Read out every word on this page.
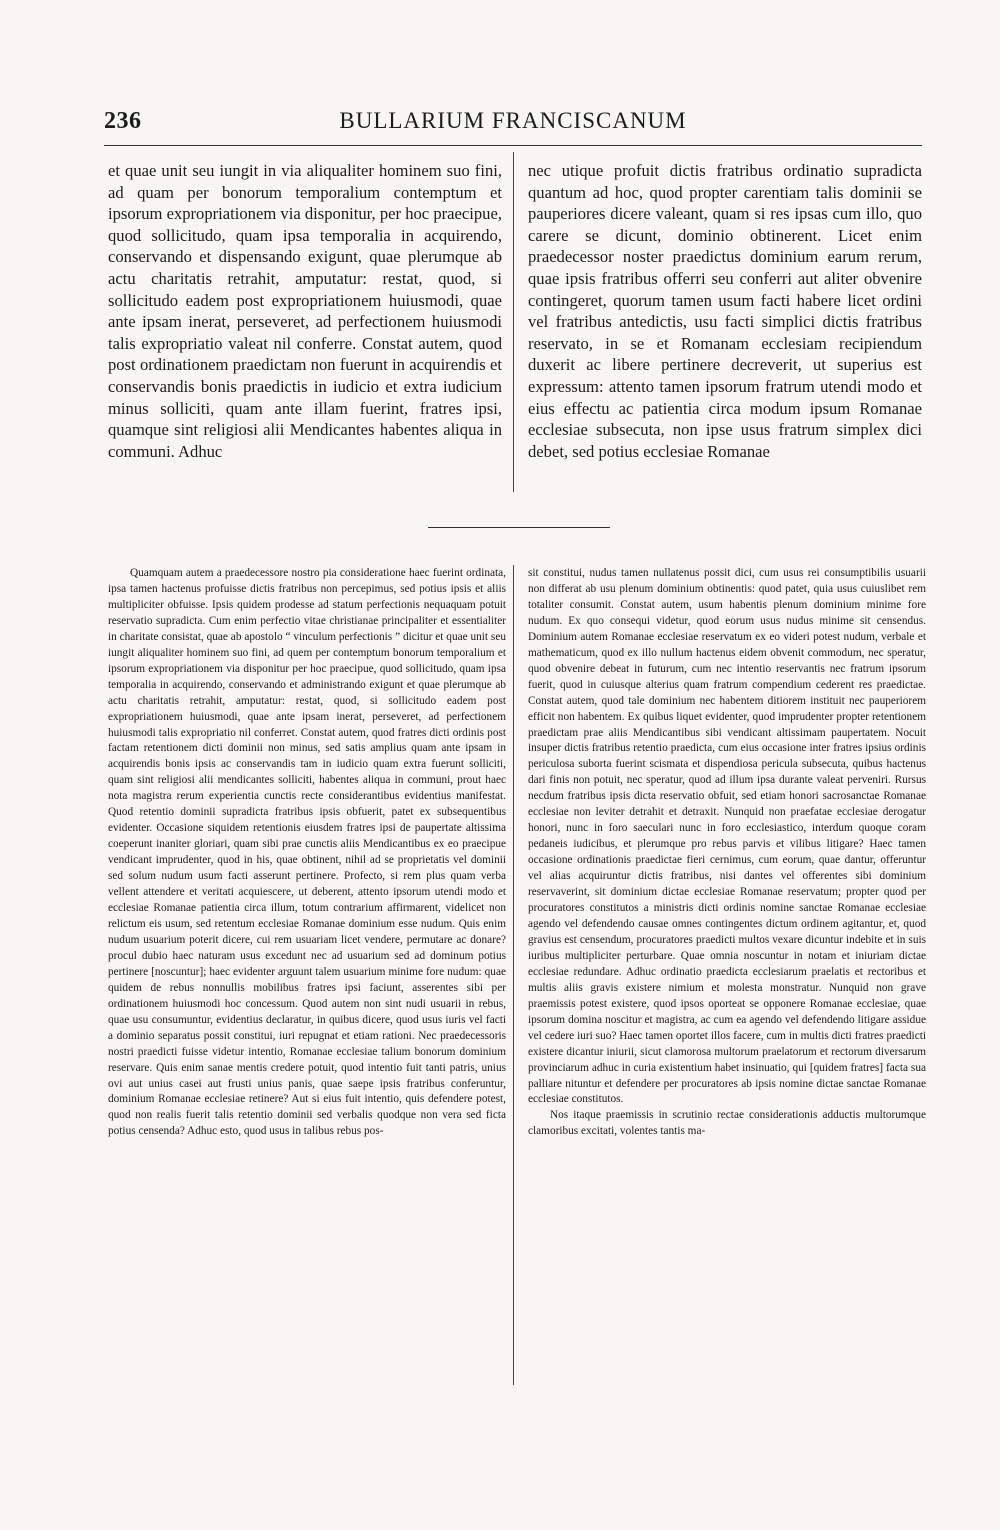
236	BULLARIUM FRANCISCANUM

et quae unit seu iungit in via aliqualiter hominem suo fini, ad quam per bonorum temporalium contemptum et ipsorum expropriationem via disponitur, per hoc praecipue, quod sollicitudo, quam ipsa temporalia in acquirendo, conservando et dispensando exigunt, quae plerumque ab actu charitatis retrahit, amputatur: restat, quod, si sollicitudo eadem post expropriationem huiusmodi, quae ante ipsam inerat, perseveret, ad perfectionem huiusmodi talis expropriatio valeat nil conferre. Constat autem, quod post ordinationem praedictam non fuerunt in acquirendis et conservandis bonis praedictis in iudicio et extra iudicium minus solliciti, quam ante illam fuerint, fratres ipsi, quamque sint religiosi alii Mendicantes habentes aliqua in communi. Adhuc

nec utique profuit dictis fratribus ordinatio supradicta quantum ad hoc, quod propter carentiam talis dominii se pauperiores dicere valeant, quam si res ipsas cum illo, quo carere se dicunt, dominio obtinerent. Licet enim praedecessor noster praedictus dominium earum rerum, quae ipsis fratribus offerri seu conferri aut aliter obvenire contingeret, quorum tamen usum facti habere licet ordini vel fratribus antedictis, usu facti simplici dictis fratribus reservato, in se et Romanam ecclesiam recipiendum duxerit ac libere pertinere decreverit, ut superius est expressum: attento tamen ipsorum fratrum utendi modo et eius effectu ac patientia circa modum ipsum Romanae ecclesiae subsecuta, non ipse usus fratrum simplex dici debet, sed potius ecclesiae Romanae

Quamquam autem a praedecessore nostro pia consideratione haec fuerint ordinata, ipsa tamen hactenus profuisse dictis fratribus non percepimus, sed potius ipsis et aliis multipliciter obfuisse. Ipsis quidem prodesse ad statum perfectionis nequaquam potuit reservatio supradicta. Cum enim perfectio vitae christianae principaliter et essentialiter in charitate consistat, quae ab apostolo “ vinculum perfectionis ” dicitur et quae unit seu iungit aliqualiter hominem suo fini, ad quem per contemptum bonorum temporalium et ipsorum expropriationem via disponitur per hoc praecipue, quod sollicitudo, quam ipsa temporalia in acquirendo, conservando et administrando exigunt et quae plerumque ab actu charitatis retrahit, amputatur: restat, quod, si sollicitudo eadem post expropriationem huiusmodi, quae ante ipsam inerat, perseveret, ad perfectionem huiusmodi talis expropriatio nil conferret. Constat autem, quod fratres dicti ordinis post factam retentionem dicti dominii non minus, sed satis amplius quam ante ipsam in acquirendis bonis ipsis ac conservandis tam in iudicio quam extra fuerunt solliciti, quam sint religiosi alii mendicantes solliciti, habentes aliqua in communi, prout haec nota magistra rerum experientia cunctis recte considerantibus evidentius manifestat. Quod retentio dominii supradicta fratribus ipsis obfuerit, patet ex subsequentibus evidenter. Occasione siquidem retentionis eiusdem fratres ipsi de paupertate altissima coeperunt inaniter gloriari, quam sibi prae cunctis aliis Mendicantibus ex eo praecipue vendicant imprudenter, quod in his, quae obtinent, nihil ad se proprietatis vel dominii sed solum nudum usum facti asserunt pertinere. Profecto, si rem plus quam verba vellent attendere et veritati acquiescere, ut deberent, attento ipsorum utendi modo et ecclesiae Romanae patientia circa illum, totum contrarium affirmarent, videlicet non relictum eis usum, sed retentum ecclesiae Romanae dominium esse nudum. Quis enim nudum usuarium poterit dicere, cui rem usuariam licet vendere, permutare ac donare? procul dubio haec naturam usus excedunt nec ad usuarium sed ad dominum potius pertinere [noscuntur]; haec evidenter arguunt talem usuarium minime fore nudum: quae quidem de rebus nonnullis mobilibus fratres ipsi faciunt, asserentes sibi per ordinationem huiusmodi hoc concessum. Quod autem non sint nudi usuarii in rebus, quae usu consumuntur, evidentius declaratur, in quibus dicere, quod usus iuris vel facti a dominio separatus possit constitui, iuri repugnat et etiam rationi. Nec praedecessoris nostri praedicti fuisse videtur intentio, Romanae ecclesiae talium bonorum dominium reservare. Quis enim sanae mentis credere potuit, quod intentio fuit tanti patris, unius ovi aut unius casei aut frusti unius panis, quae saepe ipsis fratribus conferuntur, dominium Romanae ecclesiae retinere? Aut si eius fuit intentio, quis defendere potest, quod non realis fuerit talis retentio dominii sed verbalis quodque non vera sed ficta potius censenda? Adhuc esto, quod usus in talibus rebus pos-

sit constitui, nudus tamen nullatenus possit dici, cum usus rei consumptibilis usuarii non differat ab usu plenum dominium obtinentis: quod patet, quia usus cuiuslibet rem totaliter consumit. Constat autem, usum habentis plenum dominium minime fore nudum. Ex quo consequi videtur, quod eorum usus nudus minime sit censendus. Dominium autem Romanae ecclesiae reservatum ex eo videri potest nudum, verbale et mathematicum, quod ex illo nullum hactenus eidem obvenit commodum, nec speratur, quod obvenire debeat in futurum, cum nec intentio reservantis nec fratrum ipsorum fuerit, quod in cuiusque alterius quam fratrum compendium cederent res praedictae. Constat autem, quod tale dominium nec habentem ditiorem instituit nec pauperiorem efficit non habentem. Ex quibus liquet evidenter, quod imprudenter propter retentionem praedictam prae aliis Mendicantibus sibi vendicant altissimam paupertatem. Nocuit insuper dictis fratribus retentio praedicta, cum eius occasione inter fratres ipsius ordinis periculosa suborta fuerint scismata et dispendiosa pericula subsecuta, quibus hactenus dari finis non potuit, nec speratur, quod ad illum ipsa durante valeat perveniri. Rursus necdum fratribus ipsis dicta reservatio obfuit, sed etiam honori sacrosanctae Romanae ecclesiae non leviter detrahit et detraxit. Nunquid non praefatae ecclesiae derogatur honori, nunc in foro saeculari nunc in foro ecclesiastico, interdum quoque coram pedaneis iudicibus, et plerumque pro rebus parvis et vilibus litigare? Haec tamen occasione ordinationis praedictae fieri cernimus, cum eorum, quae dantur, offeruntur vel alias acquiruntur dictis fratribus, nisi dantes vel offerentes sibi dominium reservaverint, sit dominium dictae ecclesiae Romanae reservatum; propter quod per procuratores constitutos a ministris dicti ordinis nomine sanctae Romanae ecclesiae agendo vel defendendo causae omnes contingentes dictum ordinem agitantur, et, quod gravius est censendum, procuratores praedicti multos vexare dicuntur indebite et in suis iuribus multipliciter perturbare. Quae omnia noscuntur in notam et iniuriam dictae ecclesiae redundare. Adhuc ordinatio praedicta ecclesiarum praelatis et rectoribus et multis aliis gravis existere nimium et molesta monstratur. Nunquid non grave praemissis potest existere, quod ipsos oporteat se opponere Romanae ecclesiae, quae ipsorum domina noscitur et magistra, ac cum ea agendo vel defendendo litigare assidue vel cedere iuri suo? Haec tamen oportet illos facere, cum in multis dicti fratres praedicti existere dicantur iniurii, sicut clamorosa multorum praelatorum et rectorum diversarum provinciarum adhuc in curia existentium habet insinuatio, qui [quidem fratres] facta sua palliare nituntur et defendere per procuratores ab ipsis nomine dictae sanctae Romanae ecclesiae constitutos.

Nos itaque praemissis in scrutinio rectae considerationis adductis multorumque clamoribus excitati, volentes tantis ma-
